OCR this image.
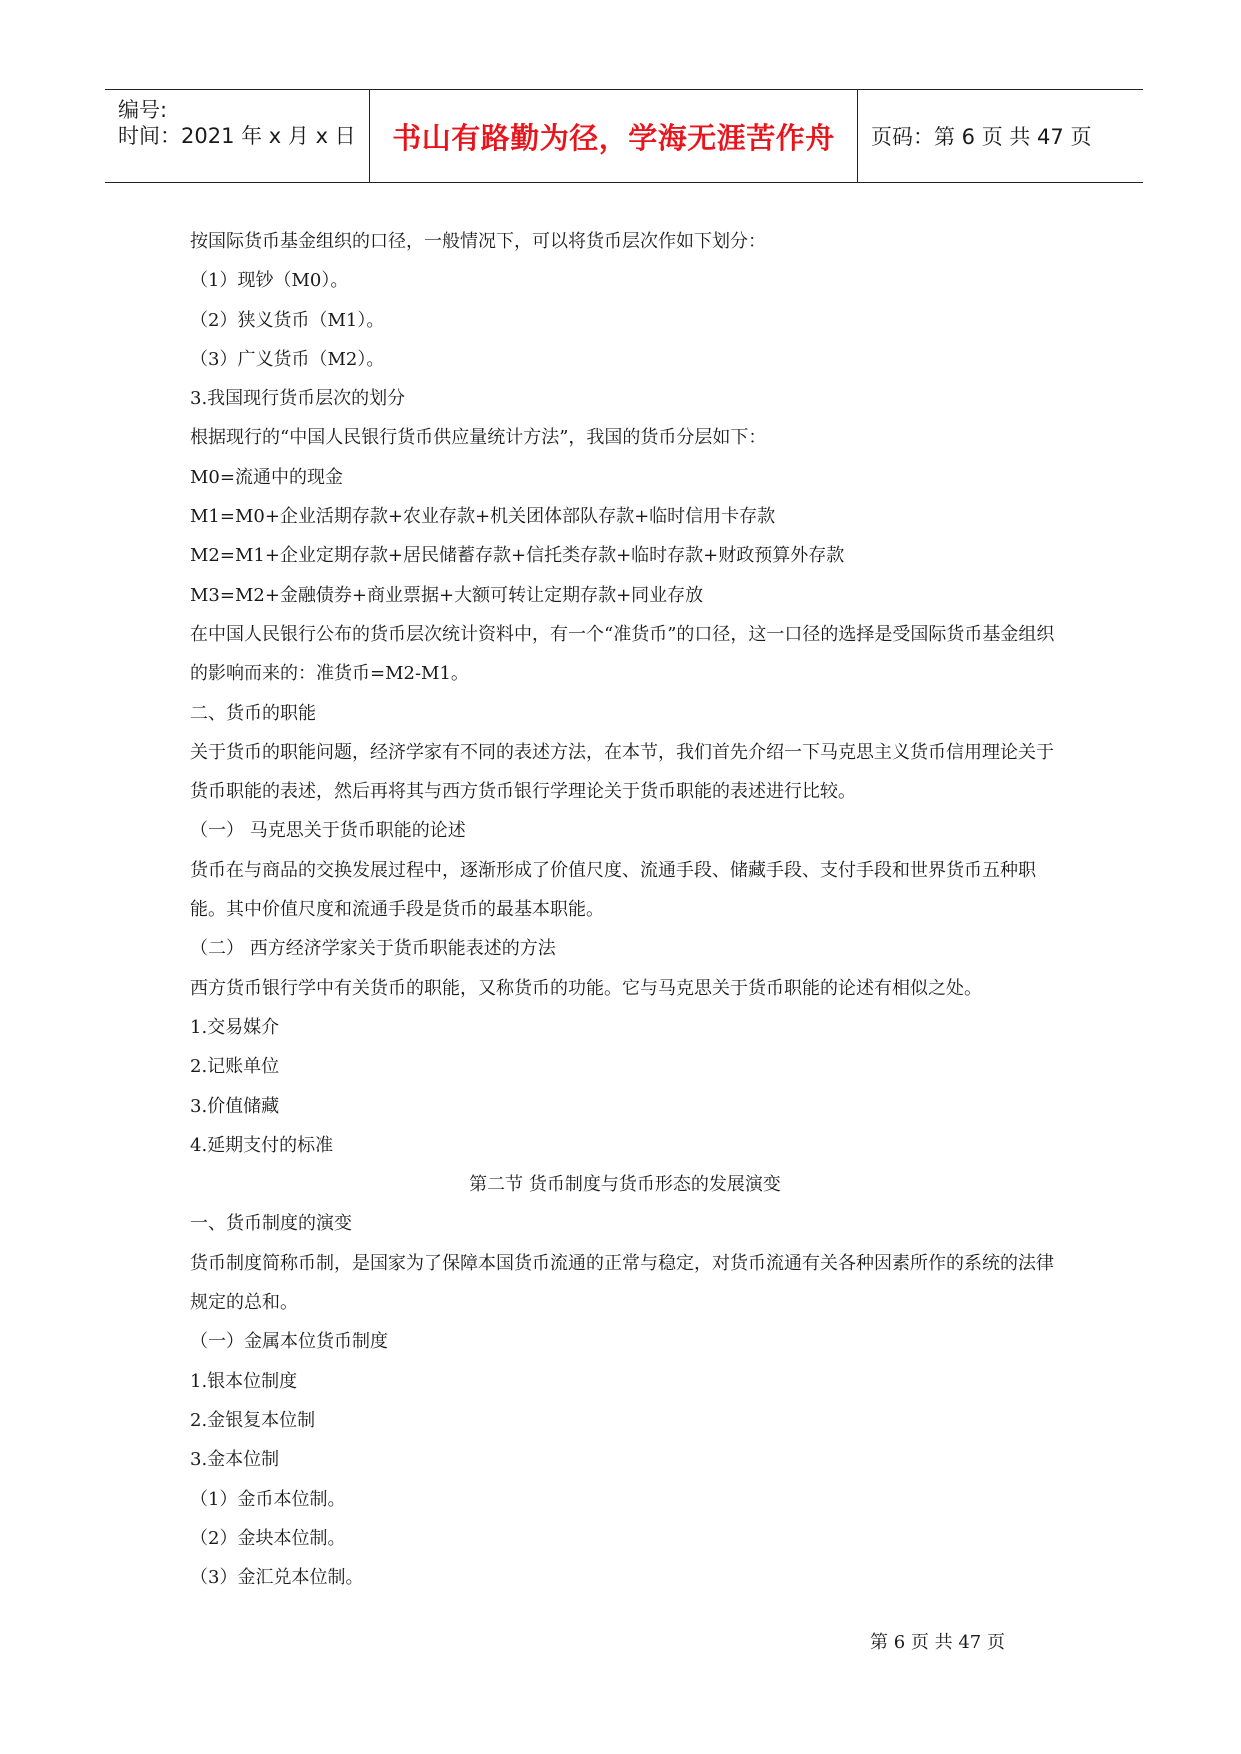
编号:
时间：2021 年 x 月 x 日 书山有路勤为径，学海无涯苦作舟 页码：第 6 页 共 47 页

按国际货币基金组织的口径，一般情况下，可以将货币层次作如下划分：

（1）现钞（M0）。

（2）狭义货币（M1）。

（3）广义货币（M2）。

3.我国现行货币层次的划分

根据现行的“中国人民银行货币供应量统计方法”，我国的货币分层如下：

M0=流通中的现金

M1=M0+企业活期存款+农业存款+机关团体部队存款+临时信用卡存款

M2=M1+企业定期存款+居民储蓄存款+信托类存款+临时存款+财政预算外存款

M3=M2+金融债券+商业票据+大额可转让定期存款+同业存放

在中国人民银行公布的货币层次统计资料中，有一个“准货币”的口径，这一口径的选择是受国际货币基金组织的影响而来的：准货币=M2-M1。

二、货币的职能

关于货币的职能问题，经济学家有不同的表述方法，在本节，我们首先介绍一下马克思主义货币信用理论关于货币职能的表述，然后再将其与西方货币银行学理论关于货币职能的表述进行比较。

（一） 马克思关于货币职能的论述

货币在与商品的交换发展过程中，逐渐形成了价值尺度、流通手段、储藏手段、支付手段和世界货币五种职能。其中价值尺度和流通手段是货币的最基本职能。

（二） 西方经济学家关于货币职能表述的方法

西方货币银行学中有关货币的职能，又称货币的功能。它与马克思关于货币职能的论述有相似之处。

1.交易媒介

2.记账单位

3.价值储藏

4.延期支付的标准

第二节 货币制度与货币形态的发展演变

一、货币制度的演变

货币制度简称币制，是国家为了保障本国货币流通的正常与稳定，对货币流通有关各种因素所作的系统的法律规定的总和。

（一）金属本位货币制度

1.银本位制度

2.金银复本位制

3.金本位制

（1）金币本位制。

（2）金块本位制。

（3）金汇兑本位制。

第 6 页 共 47 页
